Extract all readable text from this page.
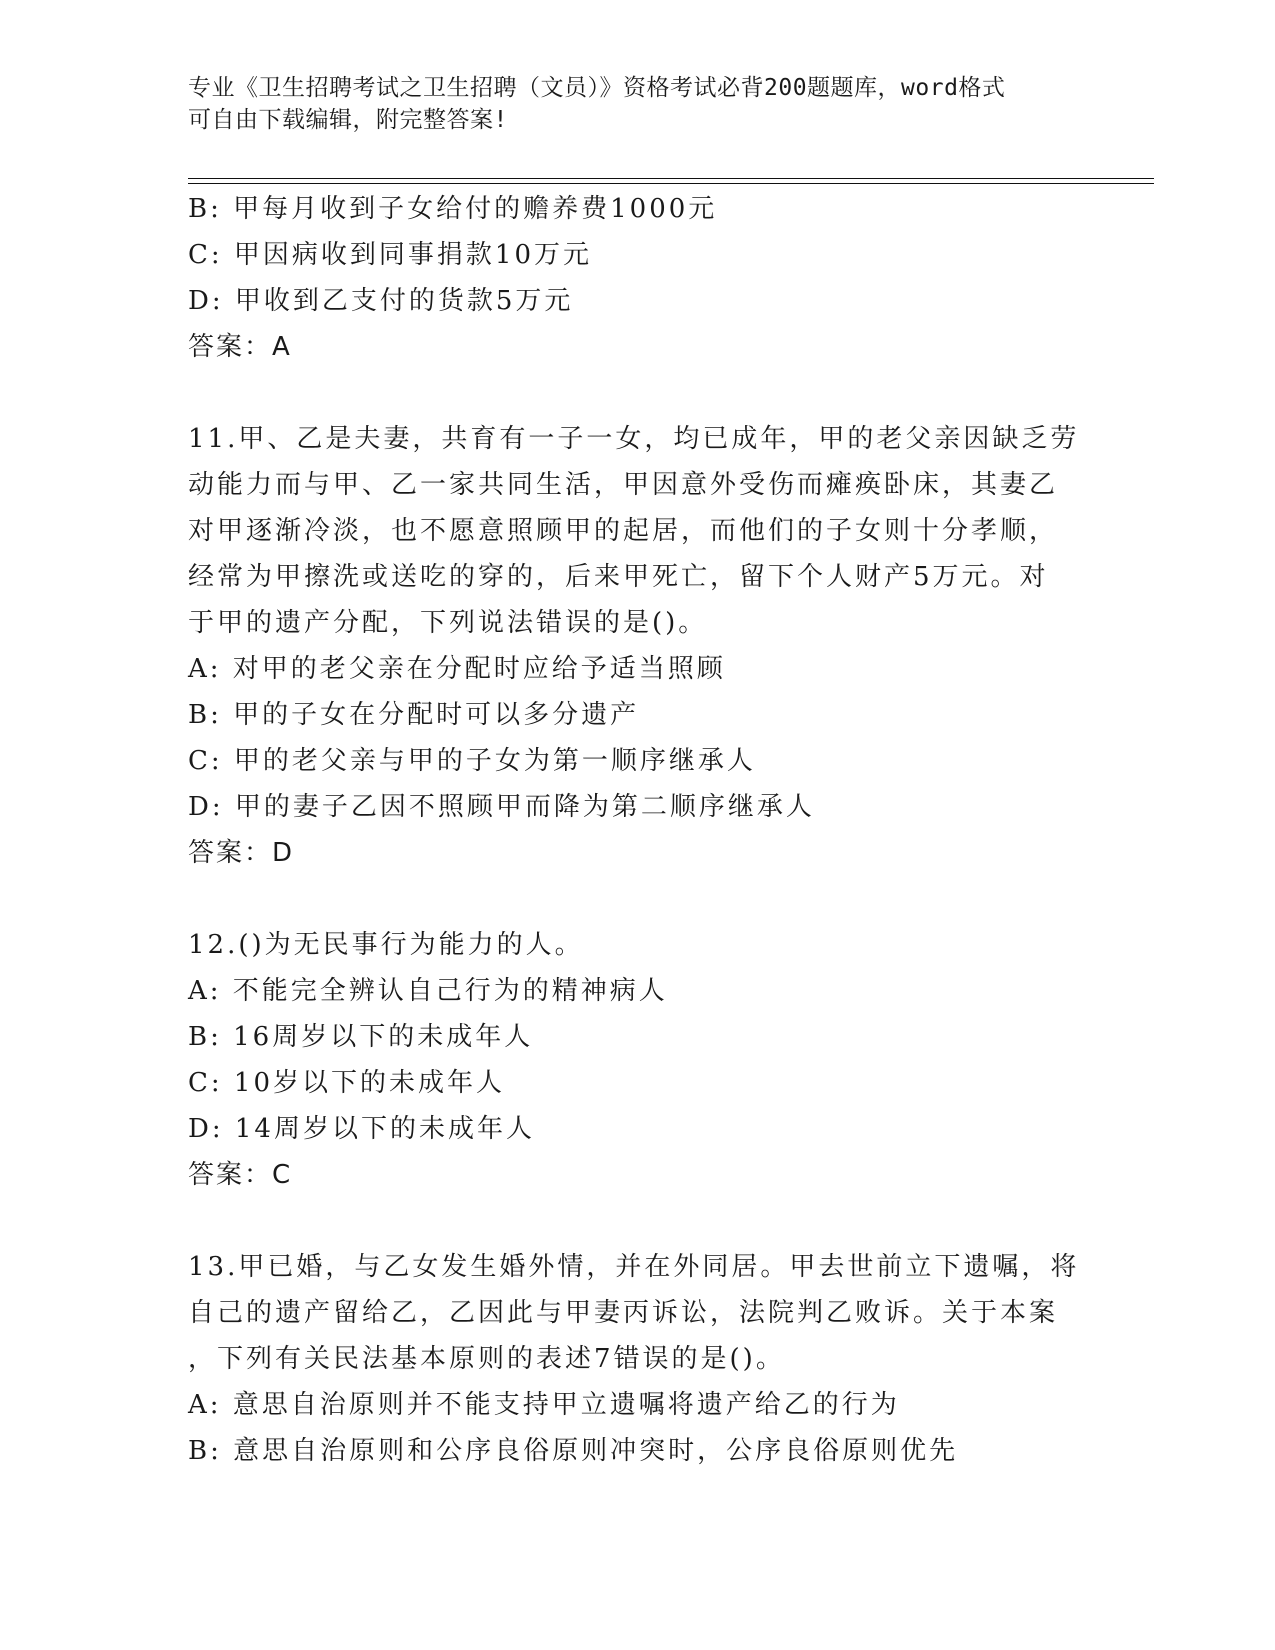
专业《卫生招聘考试之卫生招聘（文员）》资格考试必背200题题库，word格式
可自由下载编辑，附完整答案!
B: 甲每月收到子女给付的赡养费1000元
C: 甲因病收到同事捐款10万元
D: 甲收到乙支付的货款5万元
答案：A
11.甲、乙是夫妻，共育有一子一女，均已成年，甲的老父亲因缺乏劳
动能力而与甲、乙一家共同生活，甲因意外受伤而瘫痪卧床，其妻乙
对甲逐渐冷淡，也不愿意照顾甲的起居，而他们的子女则十分孝顺，
经常为甲擦洗或送吃的穿的，后来甲死亡，留下个人财产5万元。对
于甲的遗产分配，下列说法错误的是()。
A: 对甲的老父亲在分配时应给予适当照顾
B: 甲的子女在分配时可以多分遗产
C: 甲的老父亲与甲的子女为第一顺序继承人
D: 甲的妻子乙因不照顾甲而降为第二顺序继承人
答案：D
12.()为无民事行为能力的人。
A: 不能完全辨认自己行为的精神病人
B: 16周岁以下的未成年人
C: 10岁以下的未成年人
D: 14周岁以下的未成年人
答案：C
13.甲已婚，与乙女发生婚外情，并在外同居。甲去世前立下遗嘱，将
自己的遗产留给乙，乙因此与甲妻丙诉讼，法院判乙败诉。关于本案
，下列有关民法基本原则的表述7错误的是()。
A: 意思自治原则并不能支持甲立遗嘱将遗产给乙的行为
B: 意思自治原则和公序良俗原则冲突时，公序良俗原则优先
